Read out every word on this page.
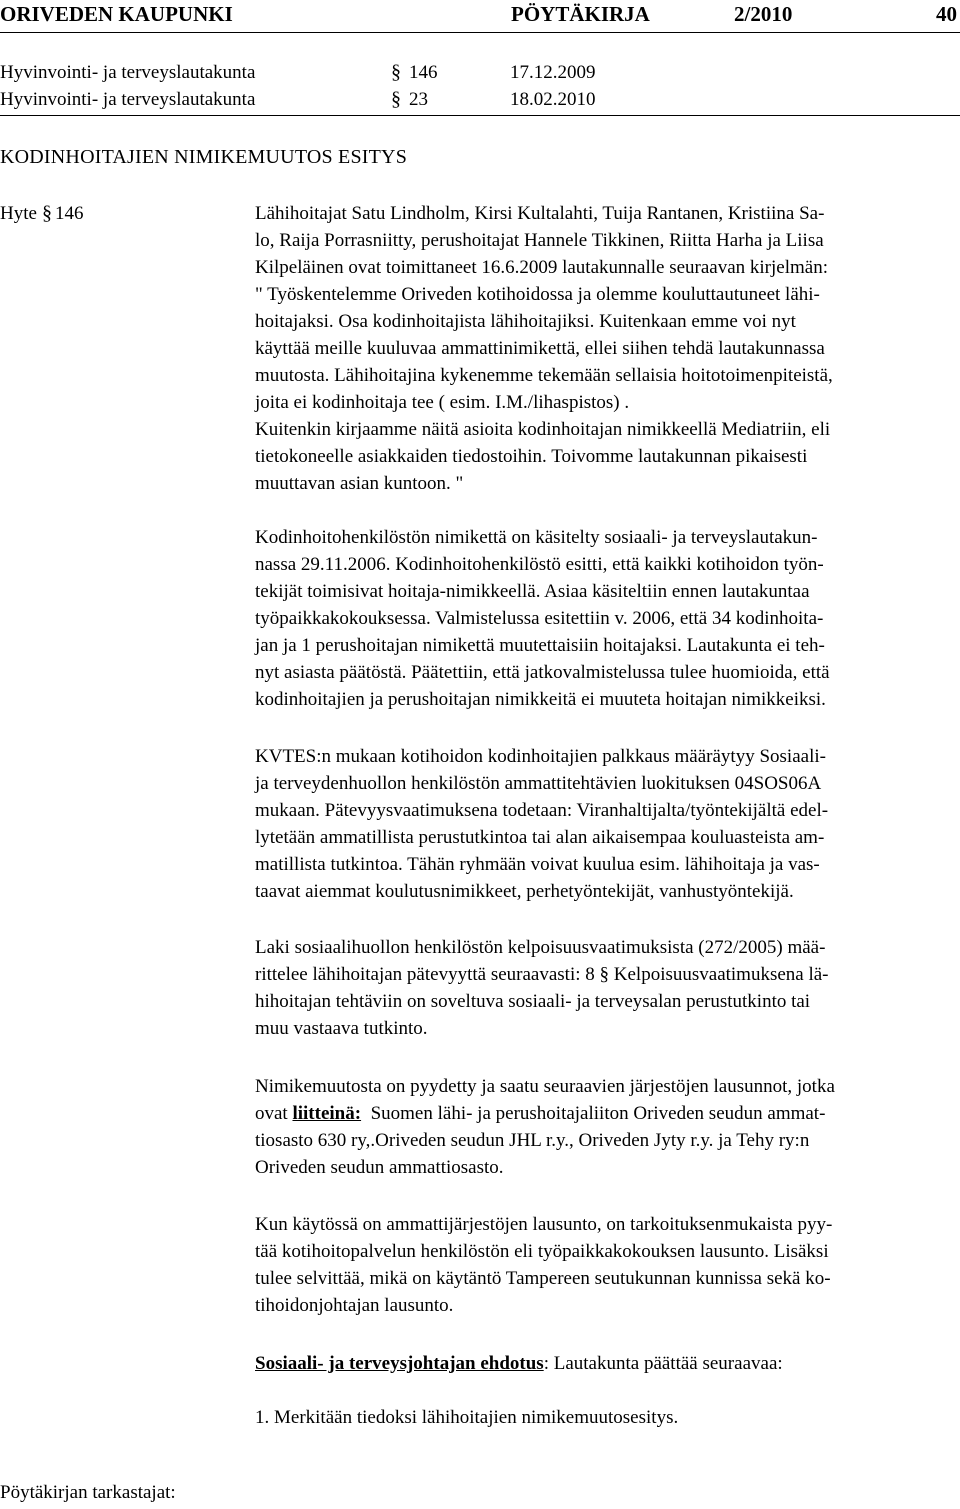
ORIVEDEN KAUPUNKI	PÖYTÄKIRJA	2/2010	40
Hyvinvointi- ja terveyslautakunta	§ 146	17.12.2009
Hyvinvointi- ja terveyslautakunta	§ 23	18.02.2010
KODINHOITAJIEN NIMIKEMUUTOS ESITYS
Hyte § 146	Lähihoitajat Satu Lindholm, Kirsi Kultalahti, Tuija Rantanen, Kristiina Sa-
lo, Raija Porrasniitty, perushoitajat Hannele Tikkinen, Riitta Harha ja Liisa
Kilpeläinen ovat toimittaneet 16.6.2009 lautakunnalle seuraavan kirjelmän:
" Työskentelemme Oriveden kotihoidossa ja olemme kouluttautuneet lähi-
hoitajaksi. Osa kodinhoitajista lähihoitajiksi. Kuitenkaan emme voi nyt
käyttää meille kuuluvaa ammattinimikettä, ellei siihen tehdä lautakunnassa
muutosta. Lähihoitajina kykenemme tekemään sellaisia hoitotoimenpiteistä,
joita ei kodinhoitaja tee ( esim. I.M./lihaspistos) .
Kuitenkin kirjaamme näitä asioita kodinhoitajan nimikkeellä Mediatriin, eli
tietokoneelle asiakkaiden tiedostoihin. Toivomme lautakunnan pikaisesti
muuttavan asian kuntoon. "

Kodinhoitohenkilöstön nimikettä on käsitelty sosiaali- ja terveyslautakun-
nassa 29.11.2006. Kodinhoitohenkilöstö esitti, että kaikki kotihoidon työn-
tekijät toimisivat hoitaja-nimikkeellä. Asiaa käsiteltiin ennen lautakuntaa
työpaikkakokouksessa. Valmistelussa esitettiin v. 2006, että 34 kodinhoita-
jan ja 1 perushoitajan nimikettä muutettaisiin hoitajaksi. Lautakunta ei teh-
nyt asiasta päätöstä. Päätettiin, että jatkovalmistelussa tulee huomioida, että
kodinhoitajien ja perushoitajan nimikkeitä ei muuteta hoitajan nimikkeiksi.

KVTES:n mukaan kotihoidon kodinhoitajien palkkaus määräytyy Sosiaali-
ja terveydenhuollon henkilöstön ammattitehtävien luokituksen 04SOS06A
mukaan. Pätevyysvaatimuksena todetaan: Viranhaltijalta/työntekijältä edel-
lytetään ammatillista perustutkintoa tai alan aikaisempaa kouluasteista am-
matillista tutkintoa. Tähän ryhmään voivat kuulua esim. lähihoitaja ja vas-
taavat aiemmat koulutusnimikkeet, perhetyöntekijät, vanhustyöntekijä.

Laki sosiaalihuollon henkilöstön kelpoisuusvaatimuksista (272/2005) mää-
rittelee lähihoitajan pätevyyttä seuraavasti: 8 § Kelpoisuusvaatimuksena lä-
hihoitajan tehtäviin on soveltuva sosiaali- ja terveysalan perustutkinto tai
muu vastaava tutkinto.

Nimikemuutosta on pyydetty ja saatu seuraavien järjestöjen lausunnot, jotka
ovat liitteinä:  Suomen lähi- ja perushoitajaliiton Oriveden seudun ammat-
tiosasto 630 ry,.Oriveden seudun JHL r.y., Oriveden Jyty r.y. ja Tehy ry:n
Oriveden seudun ammattiosasto.

Kun käytössä on ammattijärjestöjen lausunto, on tarkoituksenmukaista pyy-
tää kotihoitopalvelun henkilöstön eli työpaikkakokouksen lausunto. Lisäksi
tulee selvittää, mikä on käytäntö Tampereen seutukunnan kunnissa sekä ko-
tihoidonjohtajan lausunto.

Sosiaali- ja terveysjohtajan ehdotus: Lautakunta päättää seuraavaa:

1. Merkitään tiedoksi lähihoitajien nimikemuutosesitys.

Pöytäkirjan tarkastajat:
